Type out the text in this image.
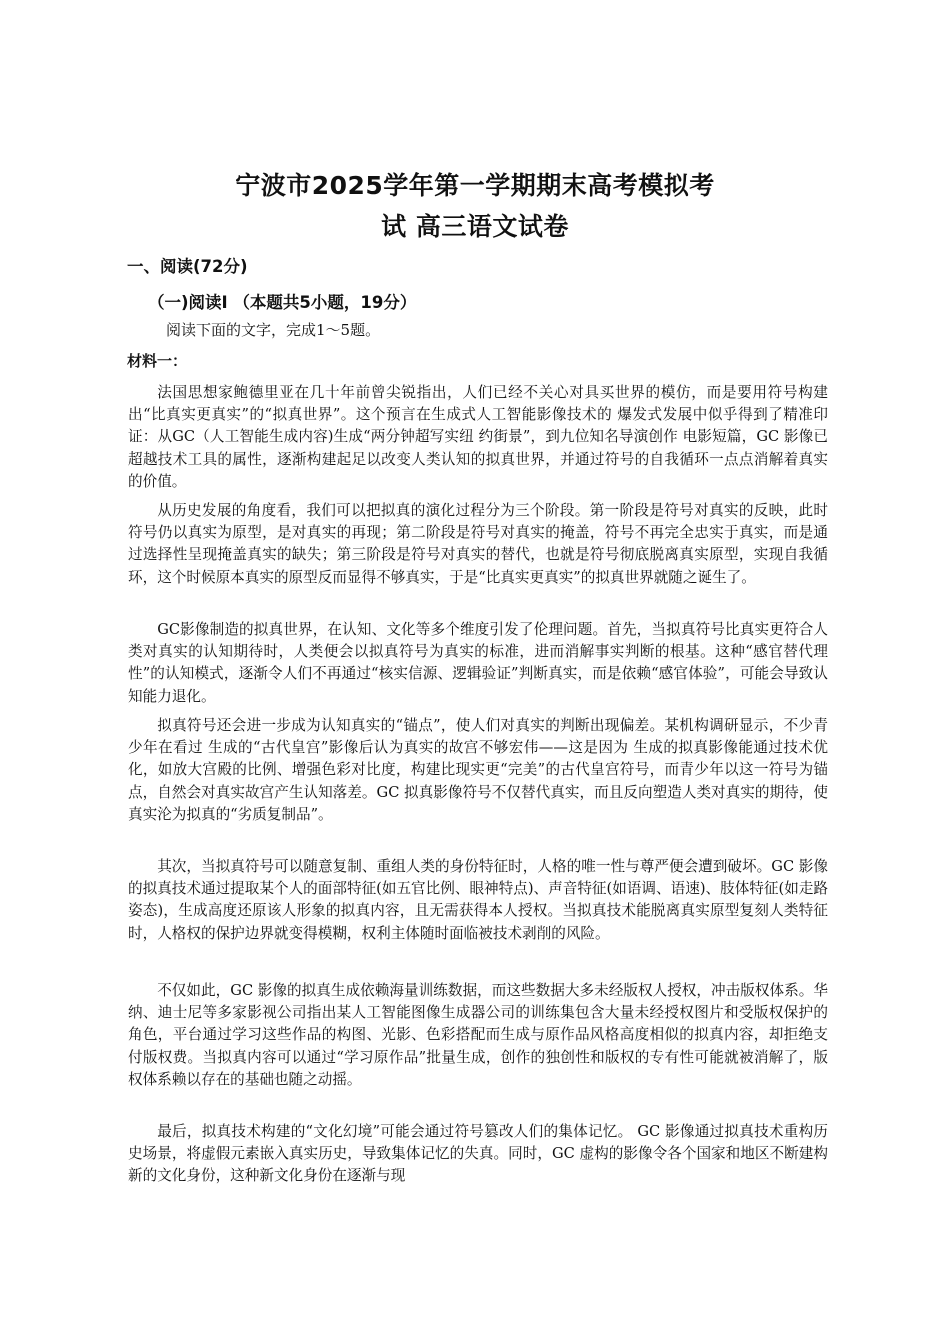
宁波市2025学年第一学期期末高考模拟考
试 高三语文试卷
一、阅读(72分)
（一)阅读I （本题共5小题，19分）
阅读下面的文字，完成1～5题。
材料一：

法国思想家鲍德里亚在几十年前曾尖锐指出，人们已经不关心对具买世界的模仿，而是要用符号构建出“比真实更真实”的“拟真世界”。这个预言在生成式人工智能影像技术的 爆发式发展中似乎得到了精准印证：从GC（人工智能生成内容)生成“两分钟超写实纽 约街景”，到九位知名导演创作 电影短篇，GC 影像已超越技术工具的属性，逐渐构建起足以改变人类认知的拟真世界，并通过符号的自我循环一点点消解着真实的价值。

从历史发展的角度看，我们可以把拟真的演化过程分为三个阶段。第一阶段是符号对真实的反映，此时符号仍以真实为原型，是对真实的再现；第二阶段是符号对真实的掩盖，符号不再完全忠实于真实，而是通过选择性呈现掩盖真实的缺失；第三阶段是符号对真实的替代，也就是符号彻底脱离真实原型，实现自我循环，这个时候原本真实的原型反而显得不够真实，于是“比真实更真实”的拟真世界就随之诞生了。

GC影像制造的拟真世界，在认知、文化等多个维度引发了伦理问题。首先，当拟真符号比真实更符合人类对真实的认知期待时，人类便会以拟真符号为真实的标准，进而消解事实判断的根基。这种“感官替代理性”的认知模式，逐渐令人们不再通过“核实信源、逻辑验证”判断真实，而是依赖“感官体验”，可能会导致认知能力退化。

拟真符号还会进一步成为认知真实的“锚点”，使人们对真实的判断出现偏差。某机构调研显示，不少青少年在看过 生成的“古代皇宫”影像后认为真实的故宫不够宏伟——这是因为 生成的拟真影像能通过技术优化，如放大宫殿的比例、增强色彩对比度，构建比现实更“完美”的古代皇宫符号，而青少年以这一符号为锚点，自然会对真实故宫产生认知落差。GC 拟真影像符号不仅替代真实，而且反向塑造人类对真实的期待，使真实沦为拟真的“劣质复制品”。

其次，当拟真符号可以随意复制、重组人类的身份特征时，人格的唯一性与尊严便会遭到破坏。GC 影像的拟真技术通过提取某个人的面部特征(如五官比例、眼神特点)、声音特征(如语调、语速)、肢体特征(如走路姿态)，生成高度还原该人形象的拟真内容，且无需获得本人授权。当拟真技术能脱离真实原型复刻人类特征时，人格权的保护边界就变得模糊，权利主体随时面临被技术剥削的风险。

不仅如此，GC 影像的拟真生成依赖海量训练数据，而这些数据大多未经版权人授权，冲击版权体系。华纳、迪士尼等多家影视公司指出某人工智能图像生成器公司的训练集包含大量未经授权图片和受版权保护的角色，平台通过学习这些作品的构图、光影、色彩搭配而生成与原作品风格高度相似的拟真内容，却拒绝支付版权费。当拟真内容可以通过“学习原作品”批量生成，创作的独创性和版权的专有性可能就被消解了，版权体系赖以存在的基础也随之动摇。

最后，拟真技术构建的“文化幻境”可能会通过符号篡改人们的集体记忆。 GC 影像通过拟真技术重构历史场景，将虚假元素嵌入真实历史，导致集体记忆的失真。同时，GC 虚构的影像令各个国家和地区不断建构新的文化身份，这种新文化身份在逐渐与现
